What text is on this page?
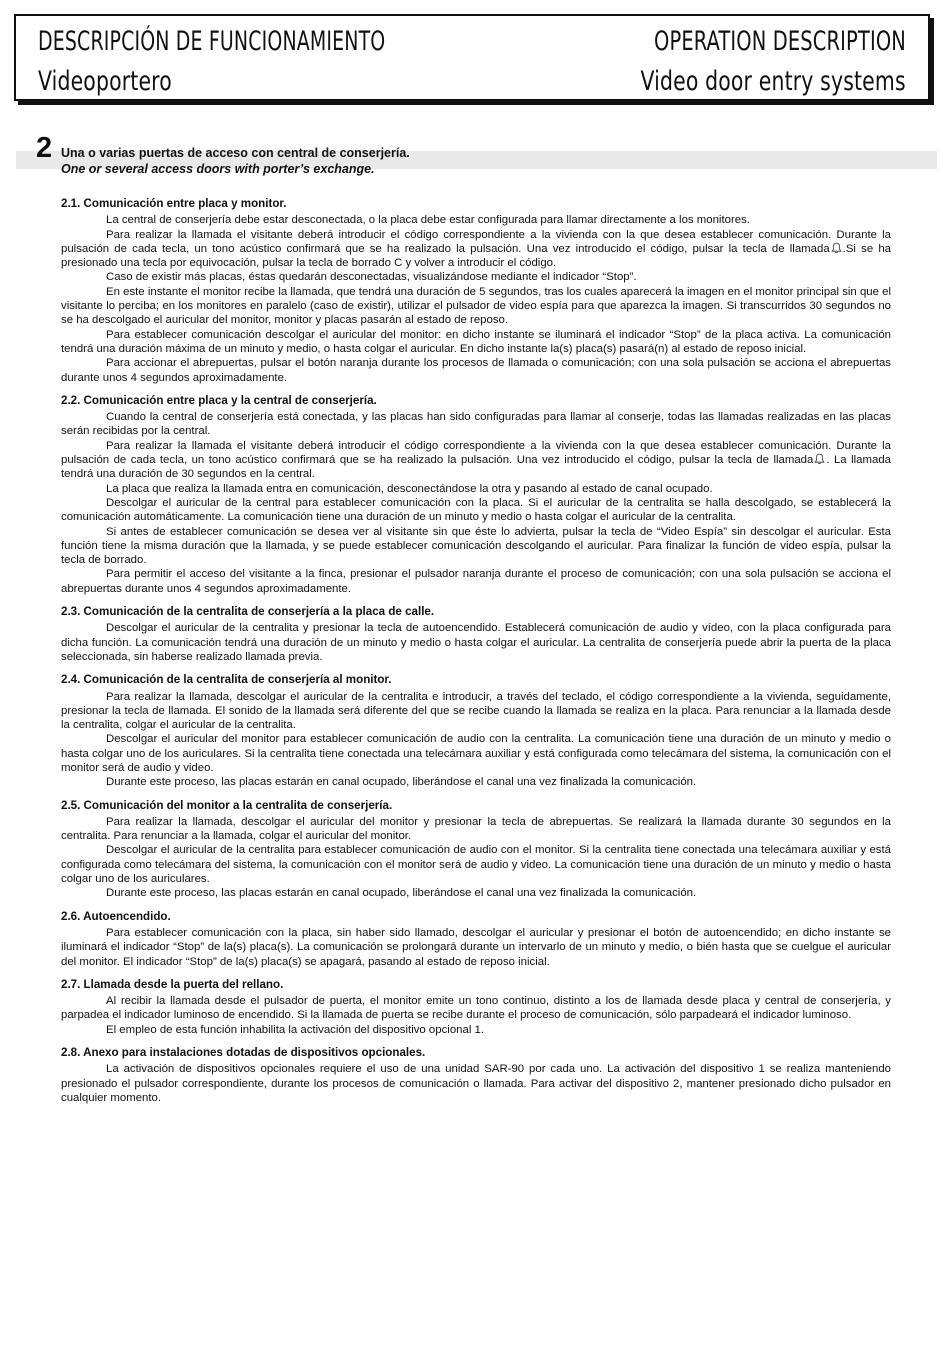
DESCRIPCIÓN DE FUNCIONAMIENTO
Videoportero
OPERATION DESCRIPTION
Video door entry systems
2 Una o varias puertas de acceso con central de conserjería.
One or several access doors with porter’s exchange.
2.1. Comunicación entre placa y monitor.

La central de conserjería debe estar desconectada, o la placa debe estar configurada para llamar directamente a los monitores.

Para realizar la llamada el visitante deberá introducir el código correspondiente a la vivienda con la que desea establecer comunicación. Durante la pulsación de cada tecla, un tono acústico confirmará que se ha realizado la pulsación. Una vez introducido el código, pulsar la tecla de llamada .Si se ha presionado una tecla por equivocación, pulsar la tecla de borrado C y volver a introducir el código.

Caso de existir más placas, éstas quedarán desconectadas, visualizándose mediante el indicador “Stop”.

En este instante el monitor recibe la llamada, que tendrá una duración de 5 segundos, tras los cuales aparecerá la imagen en el monitor principal sin que el visitante lo perciba; en los monitores en paralelo (caso de existir), utilizar el pulsador de video espía para que aparezca la imagen. Si transcurridos 30 segundos no se ha descolgado el auricular del monitor, monitor y placas pasarán al estado de reposo.

Para establecer comunicación descolgar el auricular del monitor: en dicho instante se iluminará el indicador “Stop” de la placa activa. La comunicación tendrá una duración máxima de un minuto y medio, o hasta colgar el auricular. En dicho instante la(s) placa(s) pasará(n) al estado de reposo inicial.

Para accionar el abrepuertas, pulsar el botón naranja durante los procesos de llamada o comunicación; con una sola pulsación se acciona el abrepuertas durante unos 4 segundos aproximadamente.

2.2. Comunicación entre placa y la central de conserjería.

Cuando la central de conserjería está conectada, y las placas han sido configuradas para llamar al conserje, todas las llamadas realizadas en las placas serán recibidas por la central.

Para realizar la llamada el visitante deberá introducir el código correspondiente a la vivienda con la que desea establecer comunicación. Durante la pulsación de cada tecla, un tono acústico confirmará que se ha realizado la pulsación. Una vez introducido el código, pulsar la tecla de llamada . La llamada tendrá una duración de 30 segundos en la central.

La placa que realiza la llamada entra en comunicación, desconectándose la otra y pasando al estado de canal ocupado.

Descolgar el auricular de la central para establecer comunicación con la placa. Si el auricular de la centralita se halla descolgado, se establecerá la comunicación automáticamente. La comunicación tiene una duración de un minuto y medio o hasta colgar el auricular de la centralita.

Si antes de establecer comunicación se desea ver al visitante sin que éste lo advierta, pulsar la tecla de “Video Espía” sin descolgar el auricular. Esta función tiene la misma duración que la llamada, y se puede establecer comunicación descolgando el auricular. Para finalizar la función de video espía, pulsar la tecla de borrado.

Para permitir el acceso del visitante a la finca, presionar el pulsador naranja durante el proceso de comunicación; con una sola pulsación se acciona el abrepuertas durante unos 4 segundos aproximadamente.

2.3. Comunicación de la centralita de conserjería a la placa de calle.

Descolgar el auricular de la centralita y presionar la tecla de autoencendido. Establecerá comunicación de audio y vídeo, con la placa configurada para dicha función. La comunicación tendrá una duración de un minuto y medio o hasta colgar el auricular. La centralita de conserjería puede abrir la puerta de la placa seleccionada, sin haberse realizado llamada previa.

2.4. Comunicación de la centralita de conserjería al monitor.

Para realizar la llamada, descolgar el auricular de la centralita e introducir, a través del teclado, el código correspondiente a la vivienda, seguidamente, presionar la tecla de llamada. El sonido de la llamada será diferente del que se recibe cuando la llamada se realiza en la placa. Para renunciar a la llamada desde la centralita, colgar el auricular de la centralita.

Descolgar el auricular del monitor para establecer comunicación de audio con la centralita. La comunicación tiene una duración de un minuto y medio o hasta colgar uno de los auriculares. Si la centralita tiene conectada una telecámara auxiliar y está configurada como telecámara del sistema, la comunicación con el monitor será de audio y video.

Durante este proceso, las placas estarán en canal ocupado, liberándose el canal una vez finalizada la comunicación.

2.5. Comunicación del monitor a la centralita de conserjería.

Para realizar la llamada, descolgar el auricular del monitor y presionar la tecla de abrepuertas. Se realizará la llamada durante 30 segundos en la centralita. Para renunciar a la llamada, colgar el auricular del monitor.

Descolgar el auricular de la centralita para establecer comunicación de audio con el monitor. Si la centralita tiene conectada una telecámara auxiliar y está configurada como telecámara del sistema, la comunicación con el monitor será de audio y video. La comunicación tiene una duración de un minuto y medio o hasta colgar uno de los auriculares.

Durante este proceso, las placas estarán en canal ocupado, liberándose el canal una vez finalizada la comunicación.

2.6. Autoencendido.

Para establecer comunicación con la placa, sin haber sido llamado, descolgar el auricular y presionar el botón de autoencendido; en dicho instante se iluminará el indicador “Stop” de la(s) placa(s). La comunicación se prolongará durante un intervarlo de un minuto y medio, o bién hasta que se cuelgue el auricular del monitor. El indicador “Stop” de la(s) placa(s) se apagará, pasando al estado de reposo inicial.

2.7. Llamada desde la puerta del rellano.

Al recibir la llamada desde el pulsador de puerta, el monitor emite un tono continuo, distinto a los de llamada desde placa y central de conserjería, y parpadea el indicador luminoso de encendido. Si la llamada de puerta se recibe durante el proceso de comunicación, sólo parpadeará el indicador luminoso.

El empleo de esta función inhabilita la activación del dispositivo opcional 1.

2.8. Anexo para instalaciones dotadas de dispositivos opcionales.

La activación de dispositivos opcionales requiere el uso de una unidad SAR-90 por cada uno. La activación del dispositivo 1 se realiza manteniendo presionado el pulsador correspondiente, durante los procesos de comunicación o llamada. Para activar del dispositivo 2, mantener presionado dicho pulsador en cualquier momento.
